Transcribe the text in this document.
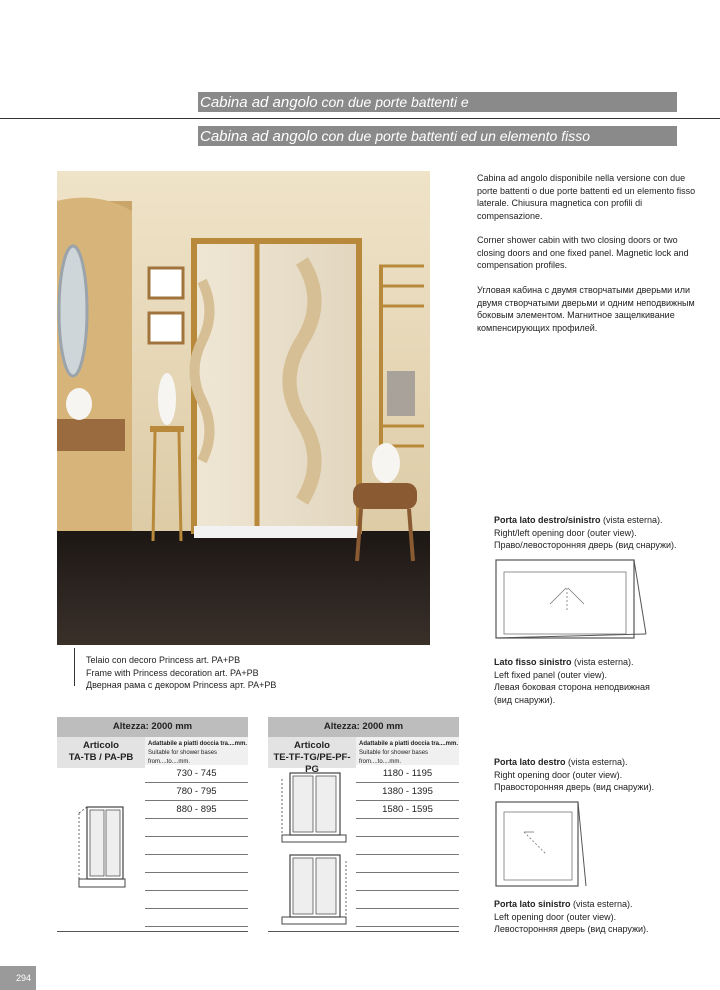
Cabina ad angolo con due porte battenti e
Cabina ad angolo con due porte battenti ed un elemento fisso
Telaio con decoro Princess art. PA+PB
Frame with Princess decoration art. PA+PB
Дверная рама с декором Princess арт. PA+PB
Cabina ad angolo disponibile nella versione con due porte battenti o due porte battenti ed un elemento fisso laterale. Chiusura magnetica con profili di compensazione.
Corner shower cabin with two closing doors or two closing doors and one fixed panel. Magnetic lock and compensation profiles.
Угловая кабина с двумя створчатыми дверьми или двумя створчатыми дверьми и одним неподвижным боковым элементом. Магнитное защелкивание компенсирующих профилей.
Porta lato destro/sinistro (vista esterna).
Right/left opening door (outer view).
Право/левосторонняя дверь (вид снаружи).
Lato fisso sinistro (vista esterna).
Left fixed panel (outer view).
Левая боковая сторона неподвижная
(вид снаружи).
Porta lato destro (vista esterna).
Right opening door (outer view).
Правосторонняя дверь (вид снаружи).
Porta lato sinistro (vista esterna).
Left opening door (outer view).
Левосторонняя дверь (вид снаружи).
Altezza: 2000 mm
Articolo
TA-TB / PA-PB
Adattabile a piatti doccia tra....mm.
Suitable for shower bases from....to....mm.
730 - 745
780 - 795
880 - 895
Altezza: 2000 mm
Articolo
TE-TF-TG/PE-PF-PG
Adattabile a piatti doccia tra....mm.
Suitable for shower bases from....to....mm.
1180 - 1195
1380 - 1395
1580 - 1595
294
